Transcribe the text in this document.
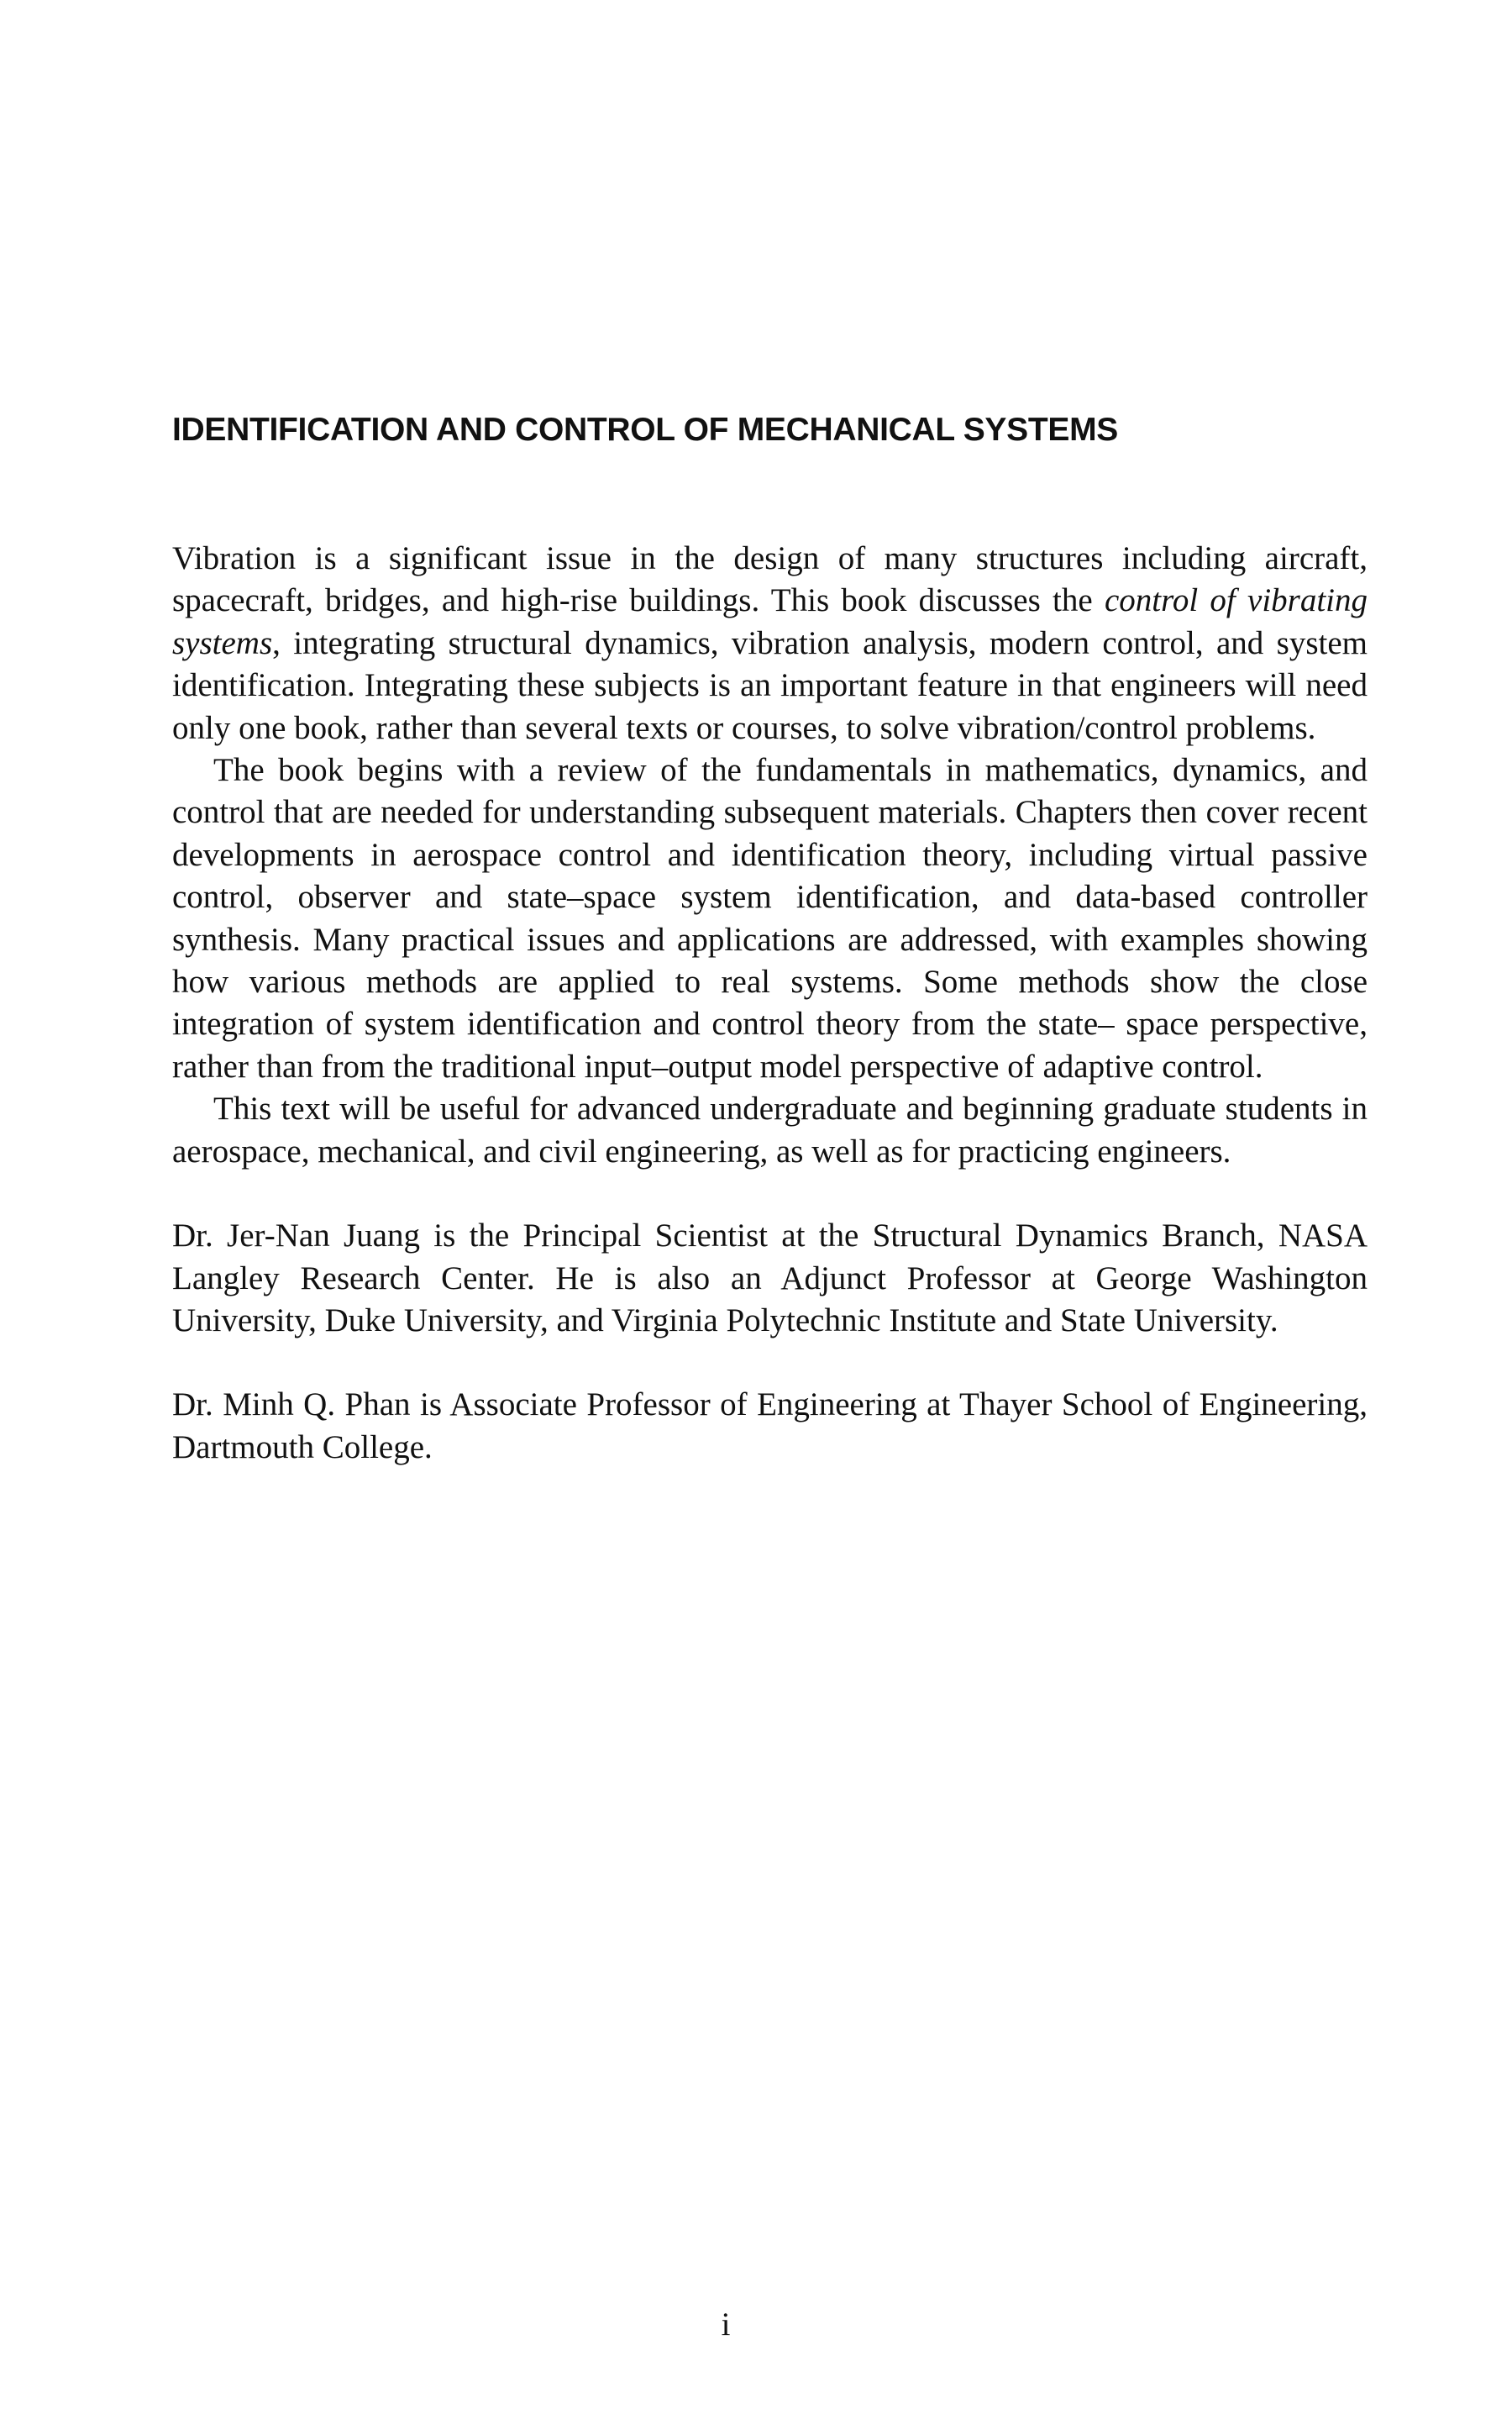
IDENTIFICATION AND CONTROL OF MECHANICAL SYSTEMS

Vibration is a significant issue in the design of many structures including aircraft, spacecraft, bridges, and high-rise buildings. This book discusses the control of vibrating systems, integrating structural dynamics, vibration analysis, modern control, and system identification. Integrating these subjects is an important feature in that engineers will need only one book, rather than several texts or courses, to solve vibration/control problems.

The book begins with a review of the fundamentals in mathematics, dynamics, and control that are needed for understanding subsequent materials. Chapters then cover recent developments in aerospace control and identification theory, including virtual passive control, observer and state–space system identification, and data-based controller synthesis. Many practical issues and applications are addressed, with examples showing how various methods are applied to real systems. Some methods show the close integration of system identification and control theory from the state– space perspective, rather than from the traditional input–output model perspective of adaptive control.

This text will be useful for advanced undergraduate and beginning graduate students in aerospace, mechanical, and civil engineering, as well as for practicing engineers.

Dr. Jer-Nan Juang is the Principal Scientist at the Structural Dynamics Branch, NASA Langley Research Center. He is also an Adjunct Professor at George Washington University, Duke University, and Virginia Polytechnic Institute and State University.

Dr. Minh Q. Phan is Associate Professor of Engineering at Thayer School of Engineering, Dartmouth College.

i
